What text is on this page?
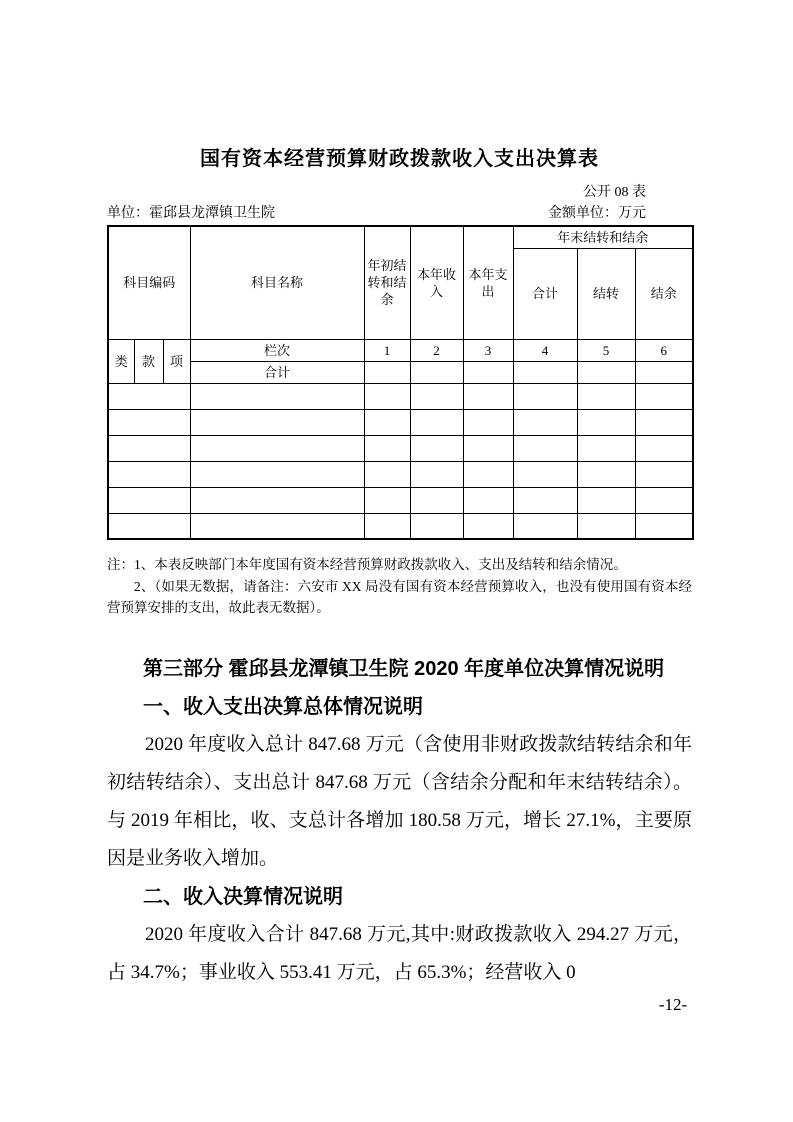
国有资本经营预算财政拨款收入支出决算表
公开 08 表
单位：霍邱县龙潭镇卫生院	金额单位：万元
科目编码			科目名称	年初结转和结余	本年收入	本年支出	年末结转和结余		
							合计	结转	结余
类	款	项	栏次	1	2	3	4	5	6
			合计						

注：1、本表反映部门本年度国有资本经营预算财政拨款收入、支出及结转和结余情况。

2、（如果无数据，请备注：六安市 XX 局没有国有资本经营预算收入，也没有使用国有资本经营预算安排的支出，故此表无数据）。

第三部分 霍邱县龙潭镇卫生院 2020 年度单位决算情况说明

一、收入支出决算总体情况说明

2020 年度收入总计 847.68 万元（含使用非财政拨款结转结余和年初结转结余）、支出总计 847.68 万元（含结余分配和年末结转结余）。与 2019 年相比，收、支总计各增加 180.58 万元，增长 27.1%，主要原因是业务收入增加。

二、收入决算情况说明

2020 年度收入合计 847.68 万元,其中:财政拨款收入 294.27 万元，占 34.7%；事业收入 553.41 万元，占 65.3%；经营收入 0

-12-
